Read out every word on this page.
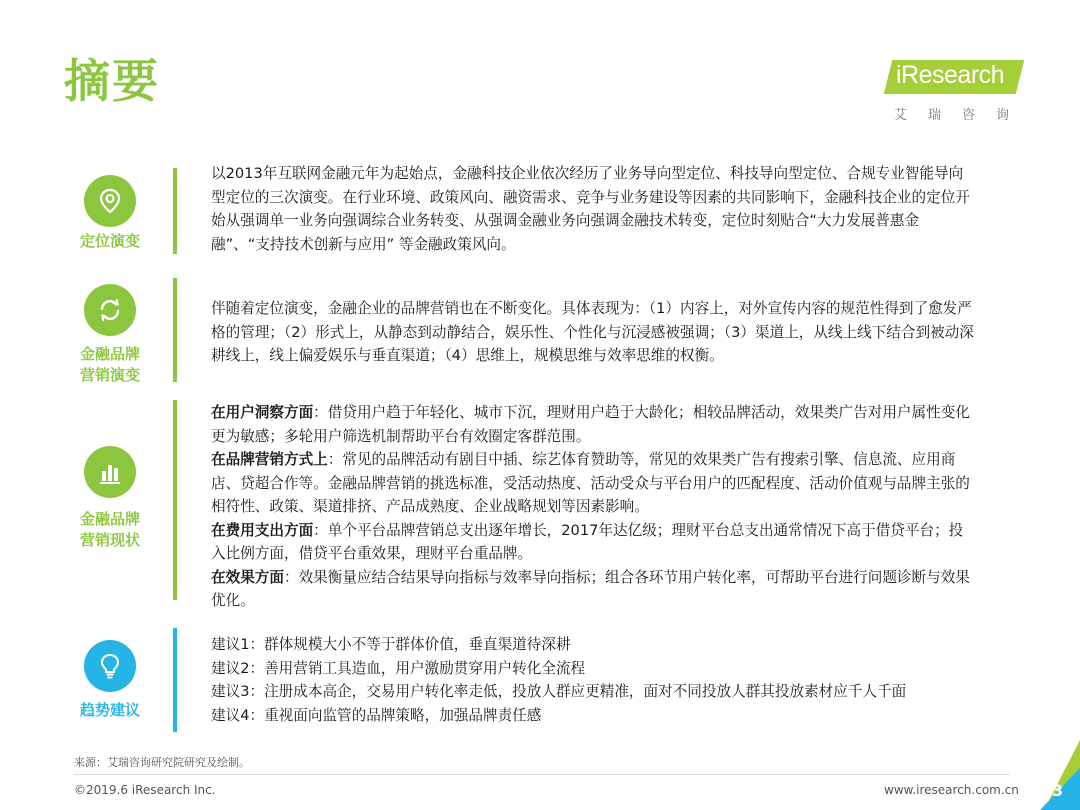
摘要	iResearch
艾瑞咨询
定位演变
以2013年互联网金融元年为起始点，金融科技企业依次经历了业务导向型定位、科技导向型定位、合规专业智能导向型定位的三次演变。在行业环境、政策风向、融资需求、竞争与业务建设等因素的共同影响下，金融科技企业的定位开始从强调单一业务向强调综合业务转变、从强调金融业务向强调金融技术转变，定位时刻贴合“大力发展普惠金融”、“支持技术创新与应用” 等金融政策风向。
金融品牌
营销演变
伴随着定位演变，金融企业的品牌营销也在不断变化。具体表现为：（1）内容上，对外宣传内容的规范性得到了愈发严格的管理；（2）形式上，从静态到动静结合，娱乐性、个性化与沉浸感被强调；（3）渠道上，从线上线下结合到被动深耕线上，线上偏爱娱乐与垂直渠道；（4）思维上，规模思维与效率思维的权衡。
金融品牌
营销现状
在用户洞察方面：借贷用户趋于年轻化、城市下沉，理财用户趋于大龄化；相较品牌活动，效果类广告对用户属性变化更为敏感；多轮用户筛选机制帮助平台有效圈定客群范围。
在品牌营销方式上：常见的品牌活动有剧目中插、综艺体育赞助等，常见的效果类广告有搜索引擎、信息流、应用商店、贷超合作等。金融品牌营销的挑选标准，受活动热度、活动受众与平台用户的匹配程度、活动价值观与品牌主张的相符性、政策、渠道排挤、产品成熟度、企业战略规划等因素影响。
在费用支出方面：单个平台品牌营销总支出逐年增长，2017年达亿级；理财平台总支出通常情况下高于借贷平台；投入比例方面，借贷平台重效果，理财平台重品牌。
在效果方面：效果衡量应结合结果导向指标与效率导向指标；组合各环节用户转化率，可帮助平台进行问题诊断与效果优化。
趋势建议
建议1：群体规模大小不等于群体价值，垂直渠道待深耕
建议2：善用营销工具造血，用户激励贯穿用户转化全流程
建议3：注册成本高企，交易用户转化率走低，投放人群应更精准，面对不同投放人群其投放素材应千人千面
建议4：重视面向监管的品牌策略，加强品牌责任感
来源：艾瑞咨询研究院研究及绘制。
©2019.6 iResearch Inc.	www.iresearch.com.cn 3
